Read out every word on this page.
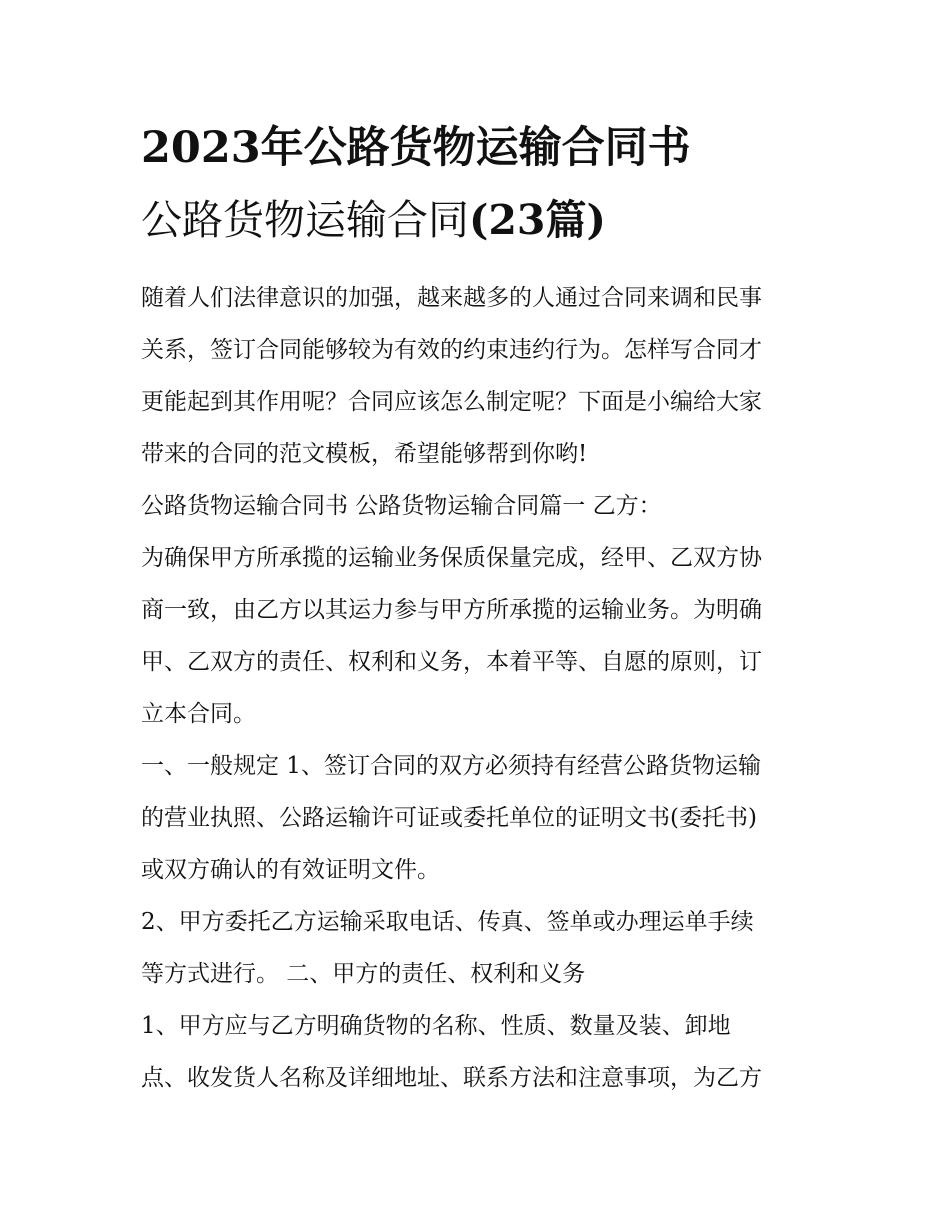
2023年公路货物运输合同书
公路货物运输合同(23篇)
随着人们法律意识的加强，越来越多的人通过合同来调和民事
关系，签订合同能够较为有效的约束违约行为。怎样写合同才
更能起到其作用呢？合同应该怎么制定呢？下面是小编给大家
带来的合同的范文模板，希望能够帮到你哟!
公路货物运输合同书 公路货物运输合同篇一 乙方：
为确保甲方所承揽的运输业务保质保量完成，经甲、乙双方协
商一致，由乙方以其运力参与甲方所承揽的运输业务。为明确
甲、乙双方的责任、权利和义务，本着平等、自愿的原则，订
立本合同。
一、一般规定 1、签订合同的双方必须持有经营公路货物运输
的营业执照、公路运输许可证或委托单位的证明文书(委托书)
或双方确认的有效证明文件。
2、甲方委托乙方运输采取电话、传真、签单或办理运单手续
等方式进行。 二、甲方的责任、权利和义务
1、甲方应与乙方明确货物的名称、性质、数量及装、卸地
点、收发货人名称及详细地址、联系方法和注意事项，为乙方
